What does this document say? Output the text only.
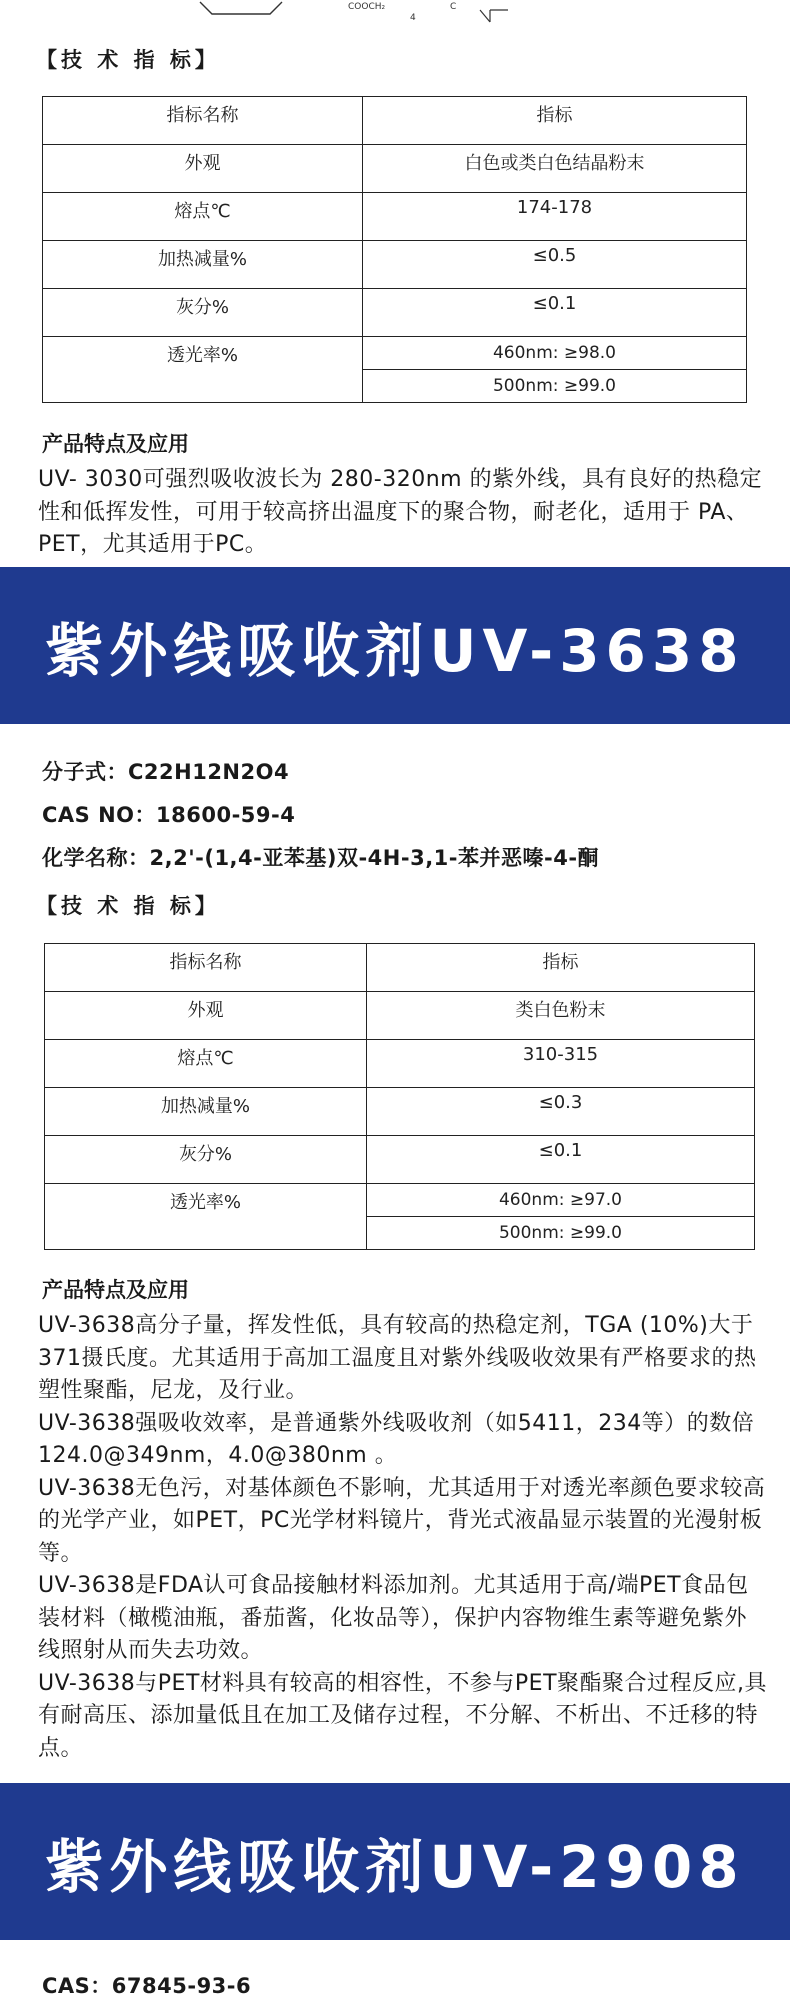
COOCH₂	C
4
【技 术 指 标】
指标名称	指标
外观	白色或类白色结晶粉末
熔点℃	174-178
加热减量%	≤0.5
灰分%	≤0.1
透光率%	460nm: ≥98.0
500nm: ≥99.0
产品特点及应用
UV- 3030可强烈吸收波长为 280-320nm 的紫外线，具有良好的热稳定性和低挥发性，可用于较高挤出温度下的聚合物，耐老化，适用于 PA、PET，尤其适用于PC。
紫外线吸收剂UV-3638
分子式：C22H12N2O4
CAS NO：18600-59-4
化学名称：2,2'-(1,4-亚苯基)双-4H-3,1-苯并恶嗪-4-酮
【技 术 指 标】
指标名称	指标
外观	类白色粉末
熔点℃	310-315
加热减量%	≤0.3
灰分%	≤0.1
透光率%	460nm: ≥97.0
500nm: ≥99.0
产品特点及应用

UV-3638高分子量，挥发性低，具有较高的热稳定剂，TGA (10%)大于371摄氏度。尤其适用于高加工温度且对紫外线吸收效果有严格要求的热塑性聚酯，尼龙，及行业。

UV-3638强吸收效率，是普通紫外线吸收剂（如5411，234等）的数倍124.0@349nm，4.0@380nm 。

UV-3638无色污，对基体颜色不影响，尤其适用于对透光率颜色要求较高的光学产业，如PET，PC光学材料镜片，背光式液晶显示装置的光漫射板等。

UV-3638是FDA认可食品接触材料添加剂。尤其适用于高/端PET食品包装材料（橄榄油瓶，番茄酱，化妆品等），保护内容物维生素等避免紫外线照射从而失去功效。

UV-3638与PET材料具有较高的相容性，不参与PET聚酯聚合过程反应,具有耐高压、添加量低且在加工及储存过程，不分解、不析出、不迁移的特点。

紫外线吸收剂UV-2908
CAS：67845-93-6
